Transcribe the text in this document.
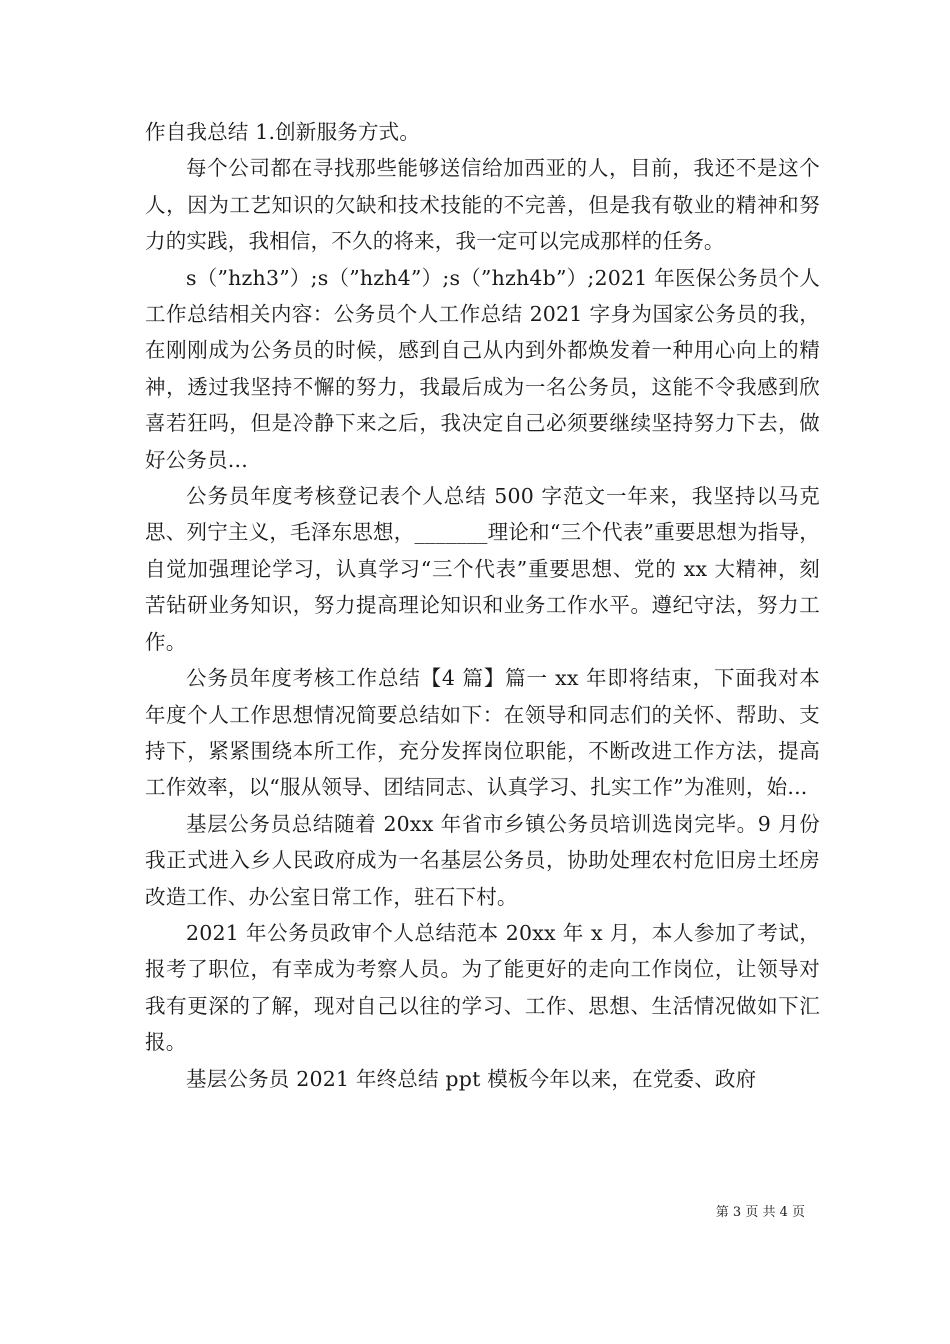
作自我总结 1.创新服务方式。

每个公司都在寻找那些能够送信给加西亚的人，目前，我还不是这个人，因为工艺知识的欠缺和技术技能的不完善，但是我有敬业的精神和努力的实践，我相信，不久的将来，我一定可以完成那样的任务。

s（”hzh3”）;s（”hzh4”）;s（”hzh4b”）;2021 年医保公务员个人工作总结相关内容：公务员个人工作总结 2021 字身为国家公务员的我，在刚刚成为公务员的时候，感到自己从内到外都焕发着一种用心向上的精神，透过我坚持不懈的努力，我最后成为一名公务员，这能不令我感到欣喜若狂吗，但是冷静下来之后，我决定自己必须要继续坚持努力下去，做好公务员...

公务员年度考核登记表个人总结 500 字范文一年来，我坚持以马克思、列宁主义，毛泽东思想，_______理论和“三个代表”重要思想为指导，自觉加强理论学习，认真学习“三个代表”重要思想、党的 xx 大精神，刻苦钻研业务知识，努力提高理论知识和业务工作水平。遵纪守法，努力工作。

公务员年度考核工作总结【4 篇】篇一 xx 年即将结束，下面我对本年度个人工作思想情况简要总结如下：在领导和同志们的关怀、帮助、支持下，紧紧围绕本所工作，充分发挥岗位职能，不断改进工作方法，提高工作效率，以“服从领导、团结同志、认真学习、扎实工作”为准则，始...

基层公务员总结随着 20xx 年省市乡镇公务员培训选岗完毕。9 月份我正式进入乡人民政府成为一名基层公务员，协助处理农村危旧房土坯房改造工作、办公室日常工作，驻石下村。

2021 年公务员政审个人总结范本 20xx 年 x 月，本人参加了考试，报考了职位，有幸成为考察人员。为了能更好的走向工作岗位，让领导对我有更深的了解，现对自己以往的学习、工作、思想、生活情况做如下汇报。

基层公务员 2021 年终总结 ppt 模板今年以来，在党委、政府

第 3 页 共 4 页
